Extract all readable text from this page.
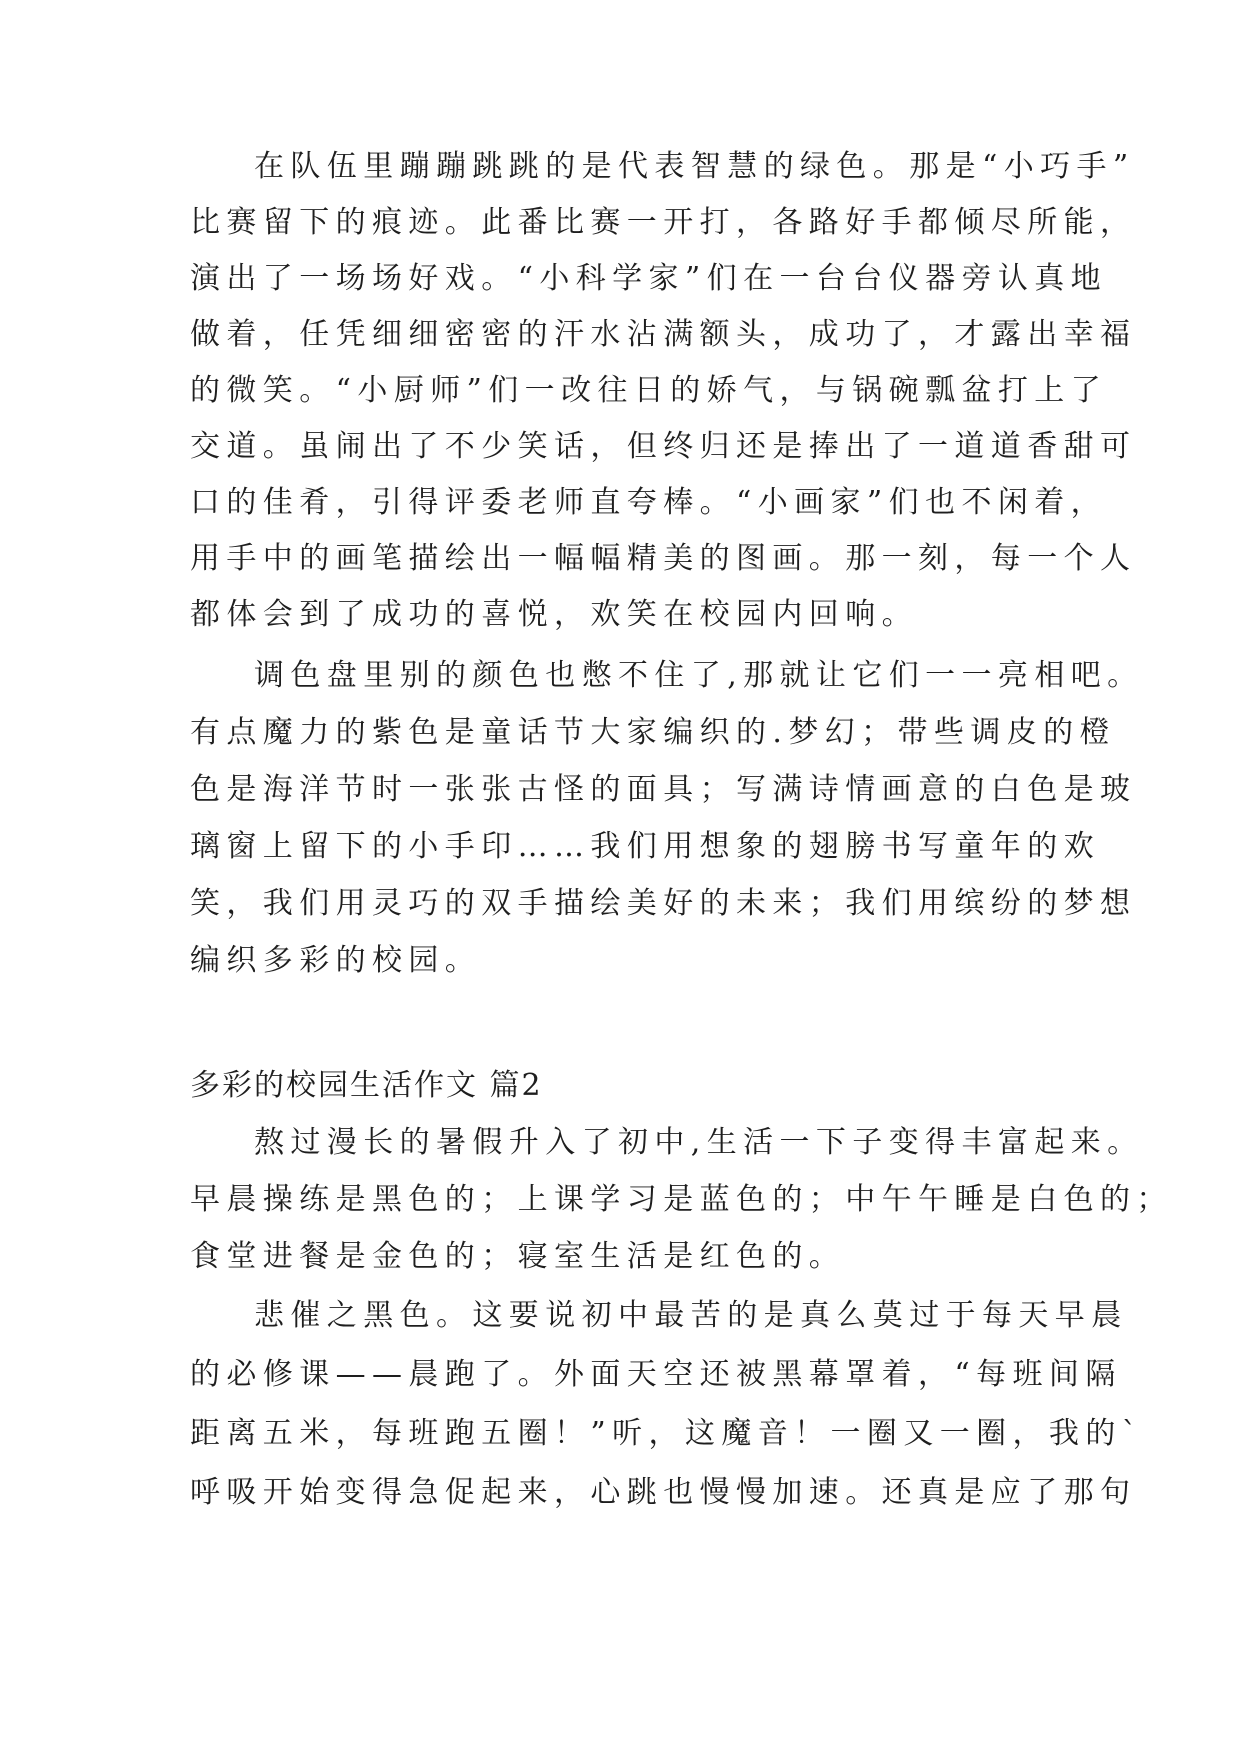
在队伍里蹦蹦跳跳的是代表智慧的绿色。那是“小巧手”
比赛留下的痕迹。此番比赛一开打，各路好手都倾尽所能，
演出了一场场好戏。“小科学家”们在一台台仪器旁认真地
做着，任凭细细密密的汗水沾满额头，成功了，才露出幸福
的微笑。“小厨师”们一改往日的娇气，与锅碗瓢盆打上了
交道。虽闹出了不少笑话，但终归还是捧出了一道道香甜可
口的佳肴，引得评委老师直夸棒。“小画家”们也不闲着，
用手中的画笔描绘出一幅幅精美的图画。那一刻，每一个人
都体会到了成功的喜悦，欢笑在校园内回响。
调色盘里别的颜色也憋不住了,那就让它们一一亮相吧。
有点魔力的紫色是童话节大家编织的.梦幻；带些调皮的橙
色是海洋节时一张张古怪的面具；写满诗情画意的白色是玻
璃窗上留下的小手印……我们用想象的翅膀书写童年的欢
笑，我们用灵巧的双手描绘美好的未来；我们用缤纷的梦想
编织多彩的校园。
多彩的校园生活作文 篇2
熬过漫长的暑假升入了初中,生活一下子变得丰富起来。
早晨操练是黑色的；上课学习是蓝色的；中午午睡是白色的；
食堂进餐是金色的；寝室生活是红色的。
悲催之黑色。这要说初中最苦的是真么莫过于每天早晨
的必修课——晨跑了。外面天空还被黑幕罩着，“每班间隔
距离五米，每班跑五圈！”听，这魔音！一圈又一圈，我的`
呼吸开始变得急促起来，心跳也慢慢加速。还真是应了那句
